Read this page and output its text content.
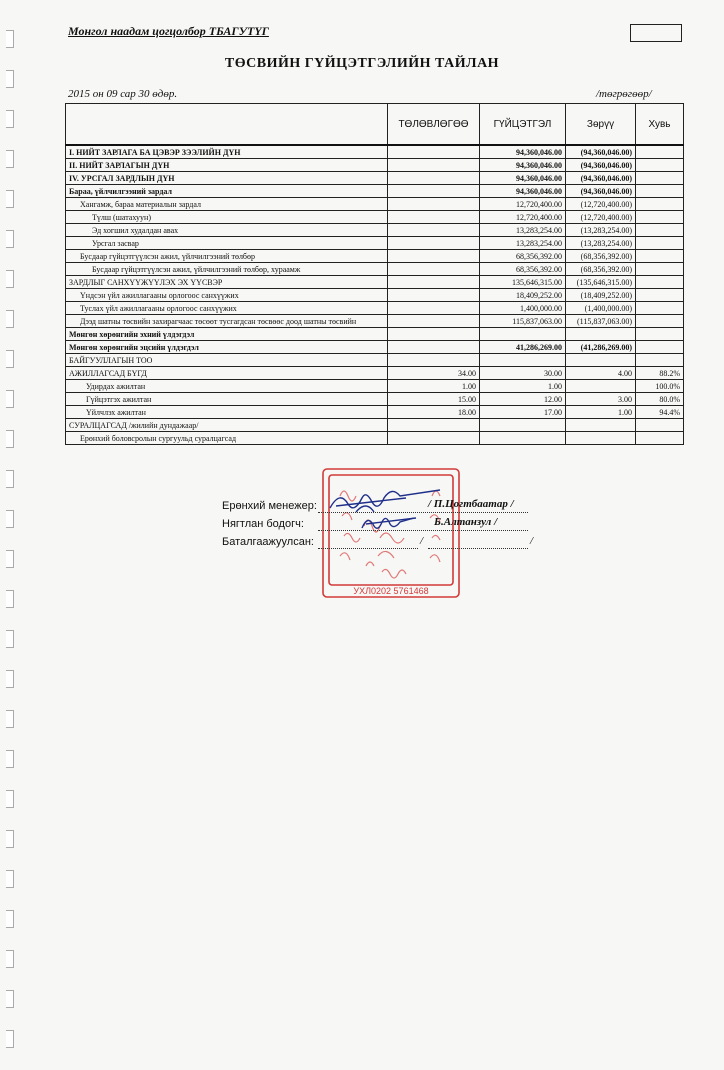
Монгол наадам цогцолбор ТБАГУТҮГ
ТӨСВИЙН ГҮЙЦЭТГЭЛИЙН ТАЙЛАН
2015 он 09 сар 30 өдөр.	/төгрөгөөр/
	ТӨЛӨВЛӨГӨӨ	ГҮЙЦЭТГЭЛ	Зөрүү	Хувь
I. НИЙТ ЗАРЛАГА БА ЦЭВЭР ЗЭЭЛИЙН ДҮН		94,360,046.00	(94,360,046.00)	
II. НИЙТ ЗАРЛАГЫН ДҮН		94,360,046.00	(94,360,046.00)	
IV. УРСГАЛ ЗАРДЛЫН ДҮН		94,360,046.00	(94,360,046.00)	
Бараа, үйлчилгээний зардал		94,360,046.00	(94,360,046.00)	
Хангамж, бараа материалын зардал		12,720,400.00	(12,720,400.00)	
Түлш (шатахуун)		12,720,400.00	(12,720,400.00)	
Эд хогшил худалдан авах		13,283,254.00	(13,283,254.00)	
Урсгал засвар		13,283,254.00	(13,283,254.00)	
Бусдаар гүйцэтгүүлсэн ажил, үйлчилгээний төлбөр		68,356,392.00	(68,356,392.00)	
Бусдаар гүйцэтгүүлсэн ажил, үйлчилгээний төлбөр, хураамж		68,356,392.00	(68,356,392.00)	
ЗАРДЛЫГ САНХҮҮЖҮҮЛЭХ ЭХ ҮҮСВЭР		135,646,315.00	(135,646,315.00)	
Үндсэн үйл ажиллагааны орлогоос санхүүжих		18,409,252.00	(18,409,252.00)	
Туслах үйл ажиллагааны орлогоос санхүүжих		1,400,000.00	(1,400,000.00)	
Дээд шатны төсвийн захирагчаас төсөөт тусгагдсан төсвөөс доод шатны төсвийн		115,837,063.00	(115,837,063.00)	
Мөнгөн хөрөнгийн эхний үлдэгдэл				
Мөнгөн хөрөнгийн эцсийн үлдэгдэл		41,286,269.00	(41,286,269.00)	
БАЙГУУЛЛАГЫН ТОО				
АЖИЛЛАГСАД БҮГД	34.00	30.00	4.00	88.2%
Удирдах ажилтан	1.00	1.00		100.0%
Гүйцэтгэх ажилтан	15.00	12.00	3.00	80.0%
Үйлчлэх ажилтан	18.00	17.00	1.00	94.4%
СУРАЛЦАГСАД /жилийн дундажаар/				
Ерөнхий боловсролын сургуульд суралцагсад				
УХЛ0202 5761468
Ерөнхий менежер:	/ П.Цогтбаатар /
Нягтлан бодогч:	Б.Алтанзул /
Баталгаажуулсан:	/	/
